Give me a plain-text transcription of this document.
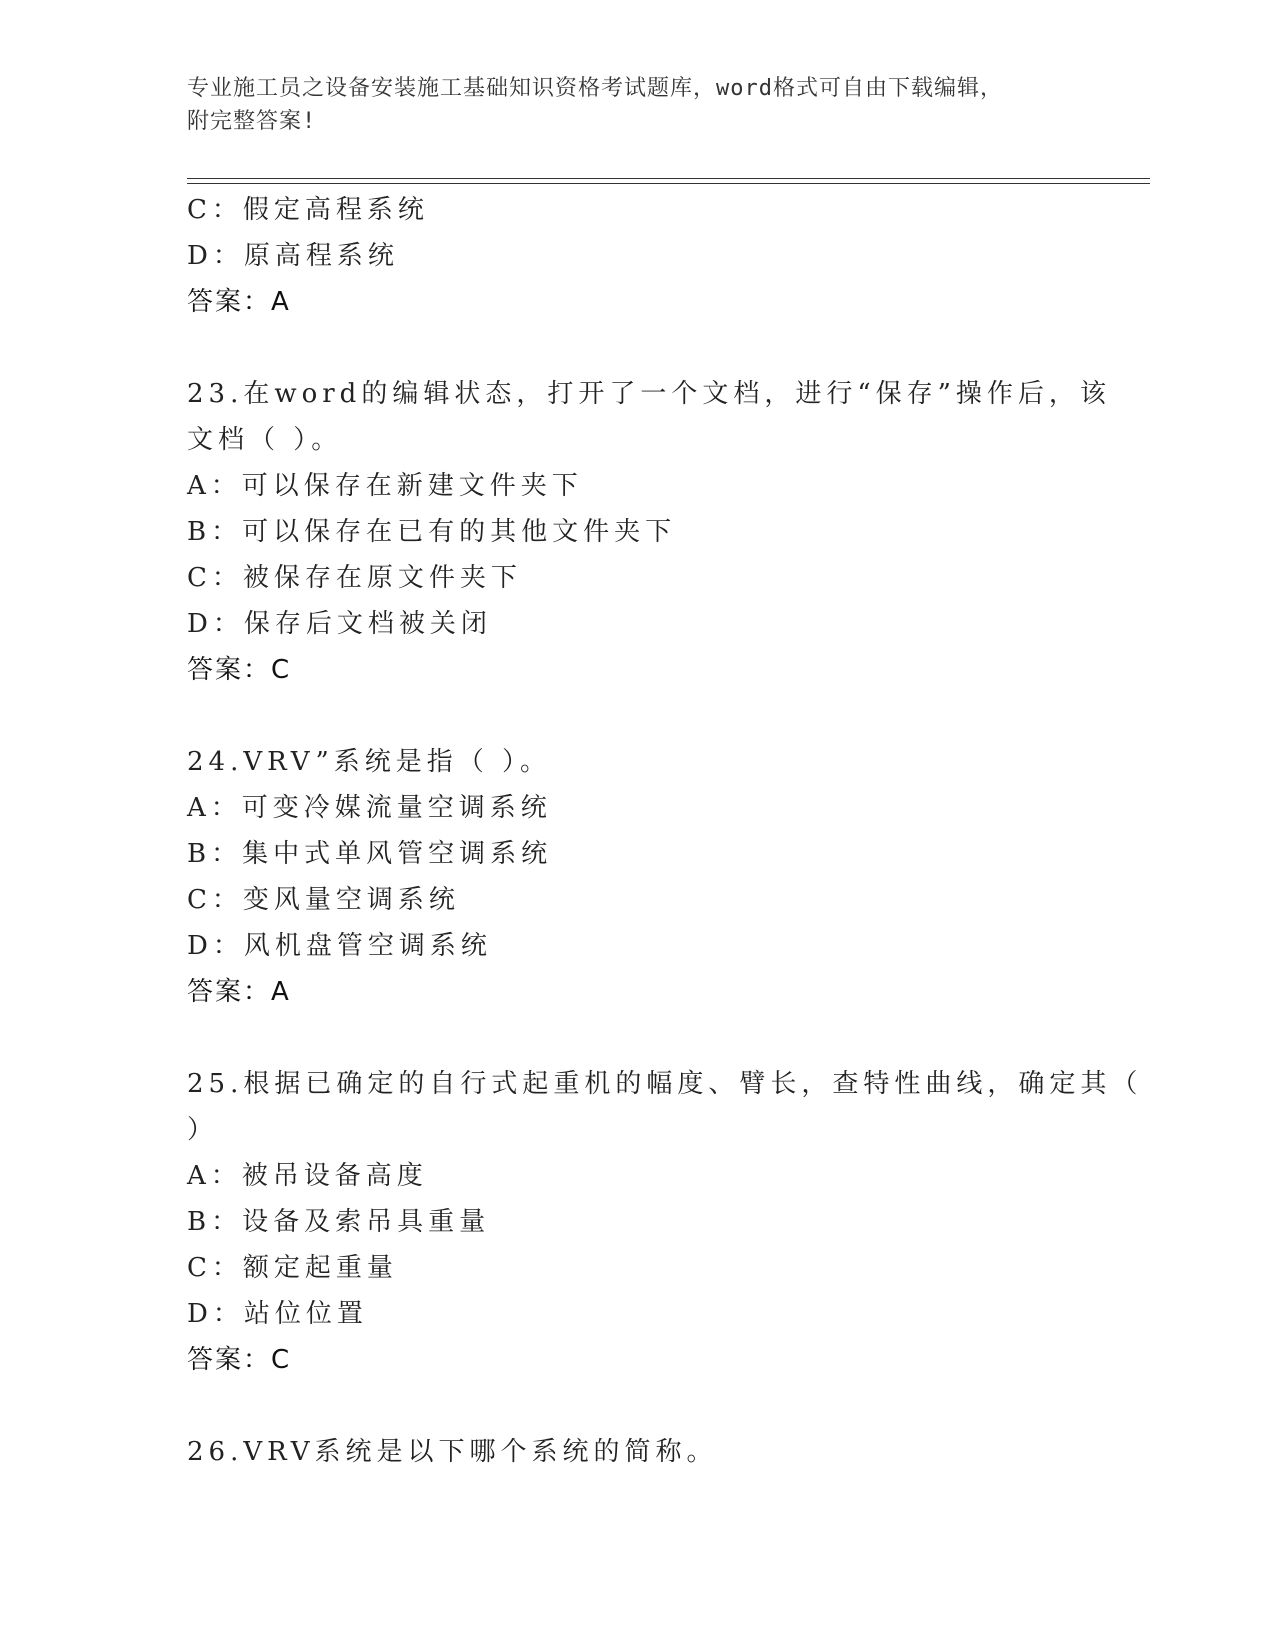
专业施工员之设备安装施工基础知识资格考试题库，word格式可自由下载编辑，
附完整答案!
C：假定高程系统
D：原高程系统
答案：A
23.在word的编辑状态，打开了一个文档，进行“保存”操作后，该
文档（ ）。
A：可以保存在新建文件夹下
B：可以保存在已有的其他文件夹下
C：被保存在原文件夹下
D：保存后文档被关闭
答案：C
24.VRV”系统是指（ ）。
A：可变冷媒流量空调系统
B：集中式单风管空调系统
C：变风量空调系统
D：风机盘管空调系统
答案：A
25.根据已确定的自行式起重机的幅度、臂长，查特性曲线，确定其（
）
A：被吊设备高度
B：设备及索吊具重量
C：额定起重量
D：站位位置
答案：C
26.VRV系统是以下哪个系统的简称。
